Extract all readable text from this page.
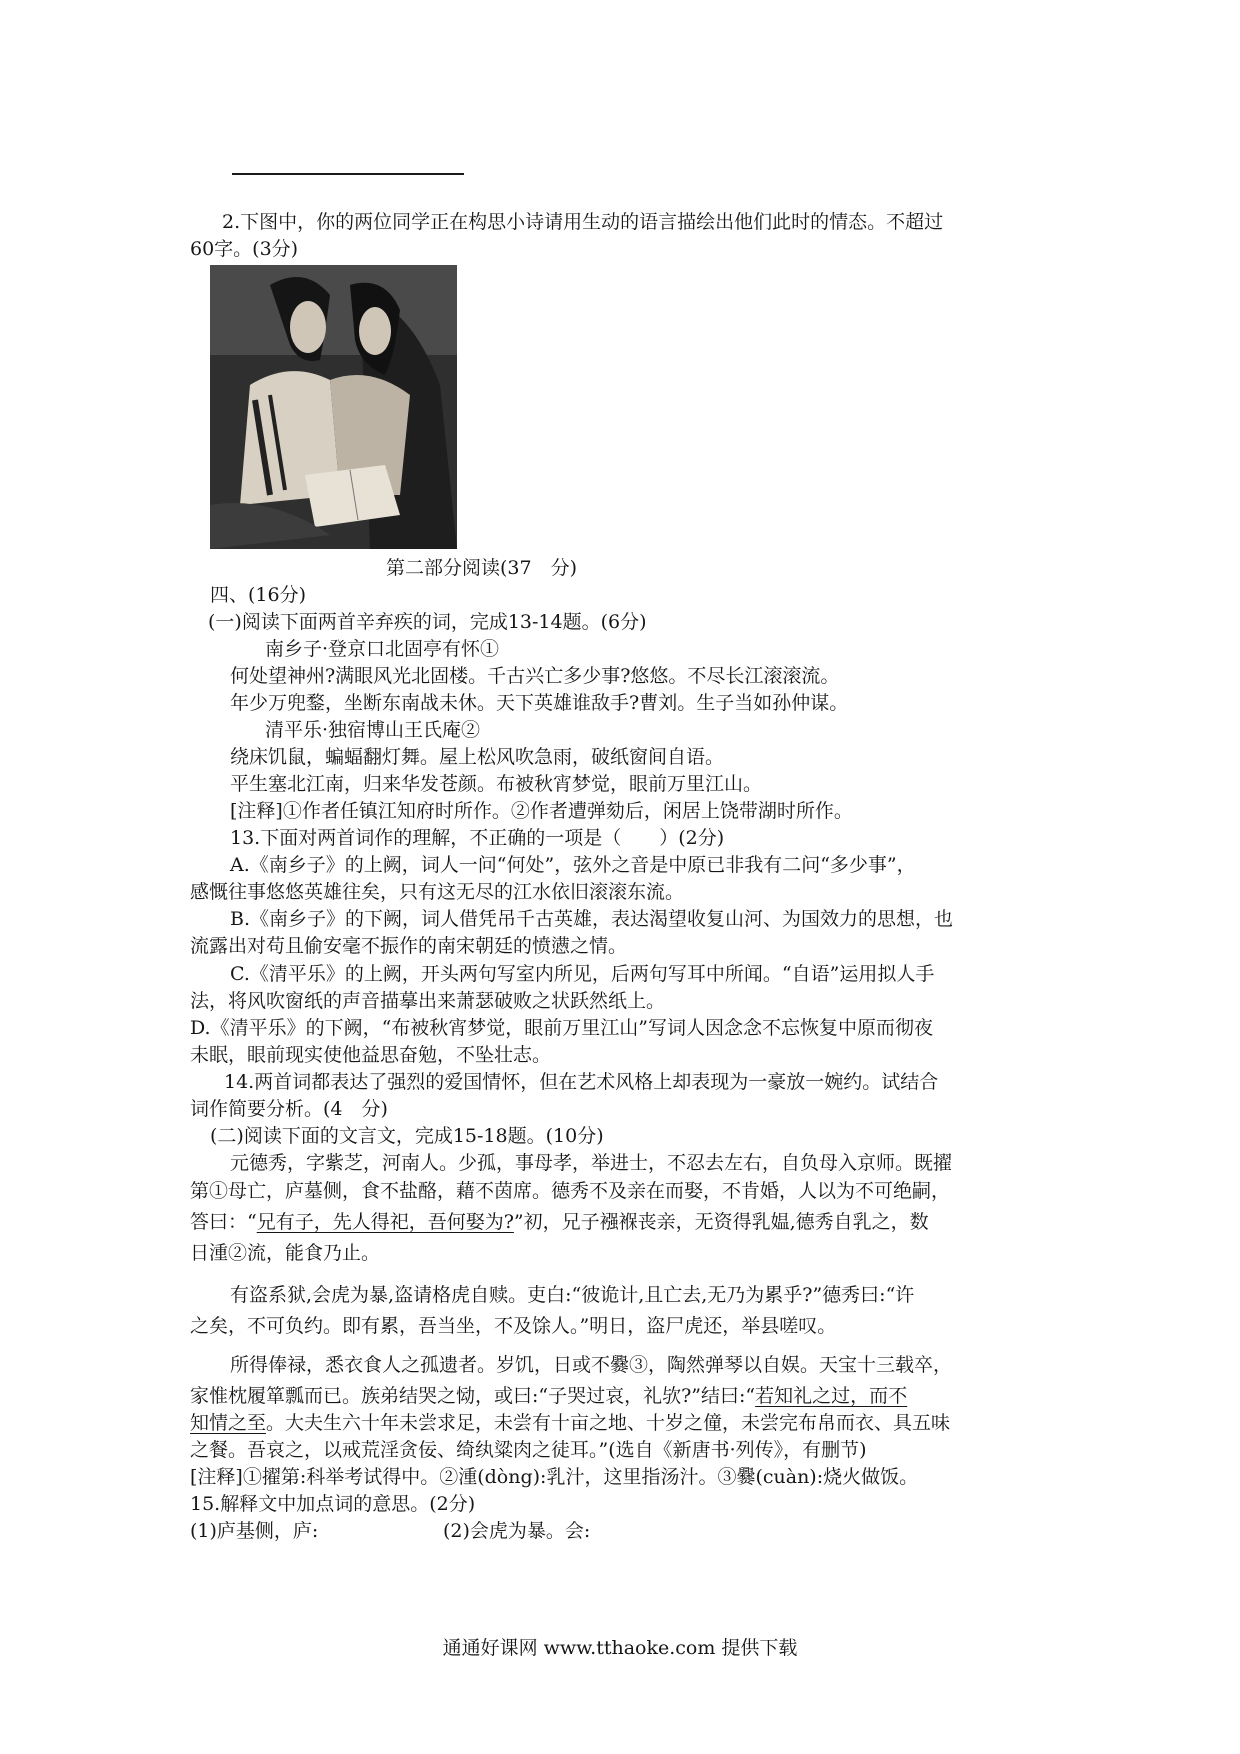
2.下图中，你的两位同学正在构思小诗请用生动的语言描绘出他们此时的情态。不超过
60字。(3分)
第二部分阅读(37　分)
四、(16分)
(一)阅读下面两首辛弃疾的词，完成13-14题。(6分)
南乡子·登京口北固亭有怀①
何处望神州?满眼风光北固楼。千古兴亡多少事?悠悠。不尽长江滚滚流。
年少万兜鍪，坐断东南战未休。天下英雄谁敌手?曹刘。生子当如孙仲谋。
清平乐·独宿博山王氏庵②
绕床饥鼠，蝙蝠翻灯舞。屋上松风吹急雨，破纸窗间自语。
平生塞北江南，归来华发苍颜。布被秋宵梦觉，眼前万里江山。
[注释]①作者任镇江知府时所作。②作者遭弹劾后，闲居上饶带湖时所作。
13.下面对两首词作的理解，不正确的一项是（　　）(2分)
A.《南乡子》的上阙，词人一问“何处”，弦外之音是中原已非我有二问“多少事”，
感慨往事悠悠英雄往矣，只有这无尽的江水依旧滚滚东流。
B.《南乡子》的下阙，词人借凭吊千古英雄，表达渴望收复山河、为国效力的思想，也
流露出对苟且偷安毫不振作的南宋朝廷的愤懑之情。
C.《清平乐》的上阙，开头两句写室内所见，后两句写耳中所闻。“自语”运用拟人手
法，将风吹窗纸的声音描摹出来萧瑟破败之状跃然纸上。
D.《清平乐》的下阙，“布被秋宵梦觉，眼前万里江山”写词人因念念不忘恢复中原而彻夜
未眠，眼前现实使他益思奋勉，不坠壮志。
14.两首词都表达了强烈的爱国情怀，但在艺术风格上却表现为一豪放一婉约。试结合
词作简要分析。(4　分)
(二)阅读下面的文言文，完成15-18题。(10分)
元德秀，字紫芝，河南人。少孤，事母孝，举进士，不忍去左右，自负母入京师。既擢
第①母亡，庐墓侧，食不盐酪，藉不茵席。德秀不及亲在而娶，不肯婚，人以为不可绝嗣，
答曰：“兄有子，先人得祀，吾何娶为?”初，兄子襁褓丧亲，无资得乳媪,德秀自乳之，数
日湩②流，能食乃止。
有盗系狱,会虎为暴,盗请格虎自赎。吏白:“彼诡计,且亡去,无乃为累乎?”德秀曰:“许
之矣，不可负约。即有累，吾当坐，不及馀人。”明日，盗尸虎还，举县嗟叹。
所得俸禄，悉衣食人之孤遗者。岁饥，日或不爨③，陶然弹琴以自娱。天宝十三载卒，
家惟枕履箪瓢而已。族弟结哭之恸，或曰:“子哭过哀，礼欤?”结曰:“若知礼之过，而不
知情之至。大夫生六十年未尝求足，未尝有十亩之地、十岁之僮，未尝完布帛而衣、具五味
之餐。吾哀之，以戒荒淫贪佞、绮纨粱肉之徒耳。”(选自《新唐书·列传》，有删节)
[注释]①擢第:科举考试得中。②湩(dòng):乳汁，这里指汤汁。③爨(cuàn):烧火做饭。
15.解释文中加点词的意思。(2分)
(1)庐基侧，庐:	(2)会虎为暴。会:
通通好课网 www.tthaoke.com 提供下载
